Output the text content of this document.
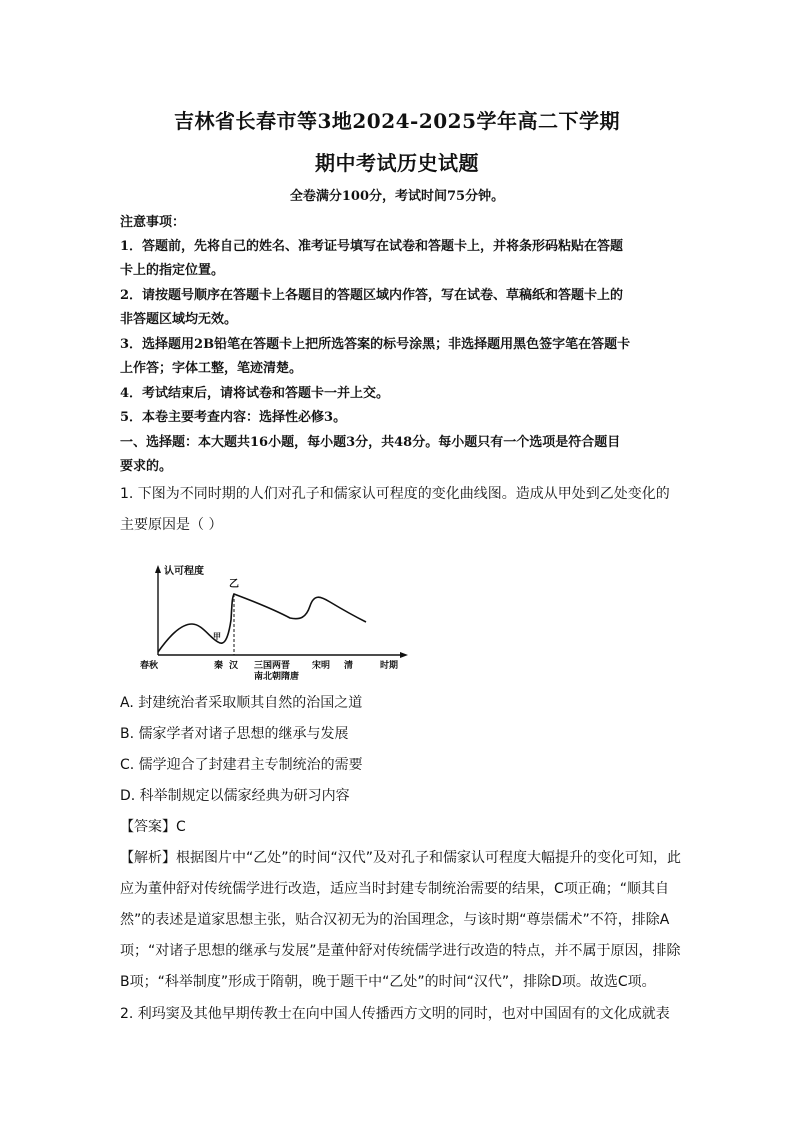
吉林省长春市等3地2024-2025学年高二下学期
期中考试历史试题
全卷满分100分，考试时间75分钟。
注意事项：
1．答题前，先将自己的姓名、准考证号填写在试卷和答题卡上，并将条形码粘贴在答题
卡上的指定位置。
2．请按题号顺序在答题卡上各题目的答题区域内作答，写在试卷、草稿纸和答题卡上的
非答题区域均无效。
3．选择题用2B铅笔在答题卡上把所选答案的标号涂黑；非选择题用黑色签字笔在答题卡
上作答；字体工整，笔迹清楚。
4．考试结束后，请将试卷和答题卡一并上交。
5．本卷主要考查内容：选择性必修3。
一、选择题：本大题共16小题，每小题3分，共48分。每小题只有一个选项是符合题目
要求的。
1. 下图为不同时期的人们对孔子和儒家认可程度的变化曲线图。造成从甲处到乙处变化的
主要原因是（ ）
认可程度
甲
乙
春秋	秦 汉 三国两晋 宋明 清
南北朝隋唐
时期
A. 封建统治者采取顺其自然的治国之道
B. 儒家学者对诸子思想的继承与发展
C. 儒学迎合了封建君主专制统治的需要
D. 科举制规定以儒家经典为研习内容
【答案】C
【解析】根据图片中“乙处”的时间“汉代”及对孔子和儒家认可程度大幅提升的变化可知，此
应为董仲舒对传统儒学进行改造，适应当时封建专制统治需要的结果，C项正确；“顺其自
然”的表述是道家思想主张，贴合汉初无为的治国理念，与该时期“尊崇儒术”不符，排除A
项；“对诸子思想的继承与发展”是董仲舒对传统儒学进行改造的特点，并不属于原因，排除
B项；“科举制度”形成于隋朝，晚于题干中“乙处”的时间“汉代”，排除D项。故选C项。
2. 利玛窦及其他早期传教士在向中国人传播西方文明的同时，也对中国固有的文化成就表
